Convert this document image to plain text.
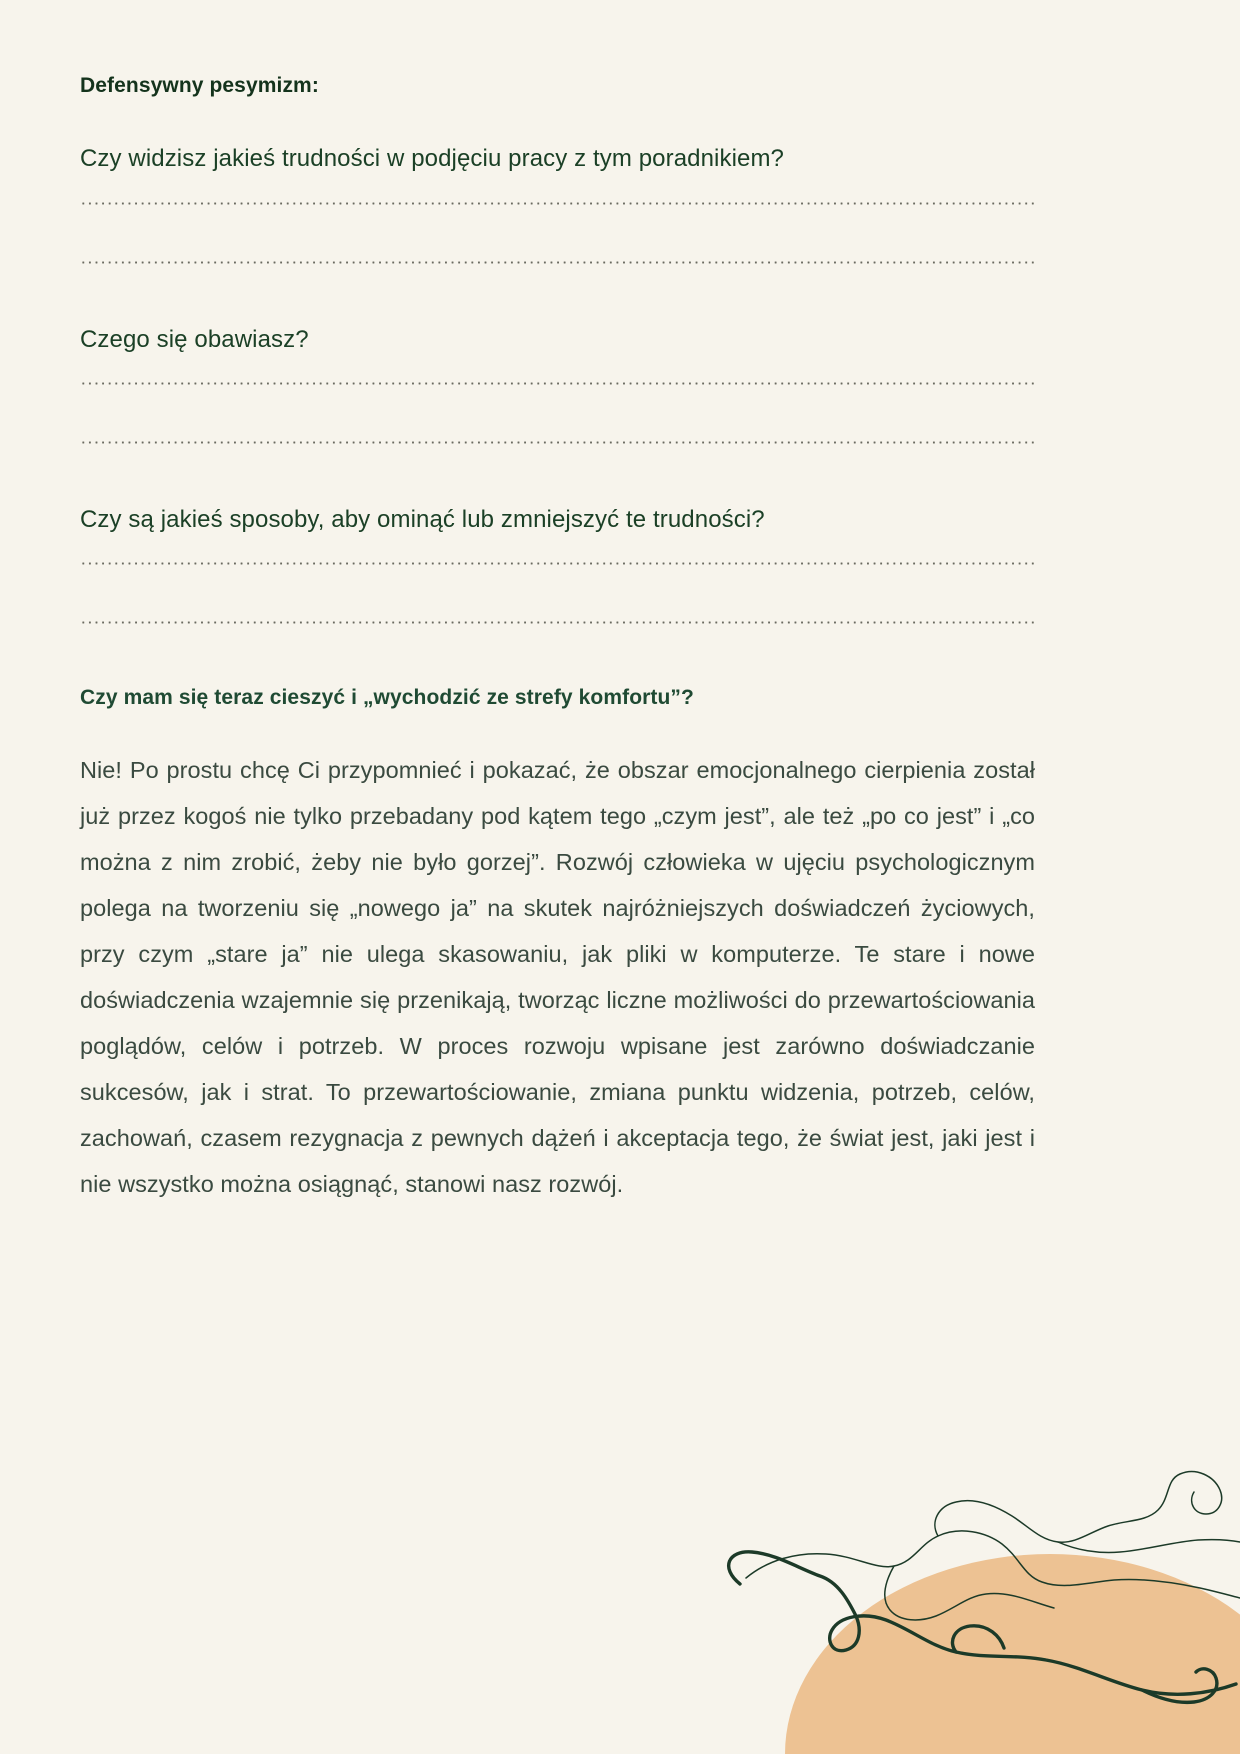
Defensywny pesymizm:

Czy widzisz jakieś trudności w podjęciu pracy z tym poradnikiem?

Czego się obawiasz?

Czy są jakieś sposoby, aby ominąć lub zmniejszyć te trudności?

Czy mam się teraz cieszyć i „wychodzić ze strefy komfortu”?

Nie! Po prostu chcę Ci przypomnieć i pokazać, że obszar emocjonalnego cierpienia został już przez kogoś nie tylko przebadany pod kątem tego „czym jest”, ale też „po co jest” i „co można z nim zrobić, żeby nie było gorzej”. Rozwój człowieka w ujęciu psychologicznym polega na tworzeniu się „nowego ja” na skutek najróżniejszych doświadczeń życiowych, przy czym „stare ja” nie ulega skasowaniu, jak pliki w komputerze. Te stare i nowe doświadczenia wzajemnie się przenikają, tworząc liczne możliwości do przewartościowania poglądów, celów i potrzeb. W proces rozwoju wpisane jest zarówno doświadczanie sukcesów, jak i strat. To przewartościowanie, zmiana punktu widzenia, potrzeb, celów, zachowań, czasem rezygnacja z pewnych dążeń i akceptacja tego, że świat jest, jaki jest i nie wszystko można osiągnąć, stanowi nasz rozwój.
